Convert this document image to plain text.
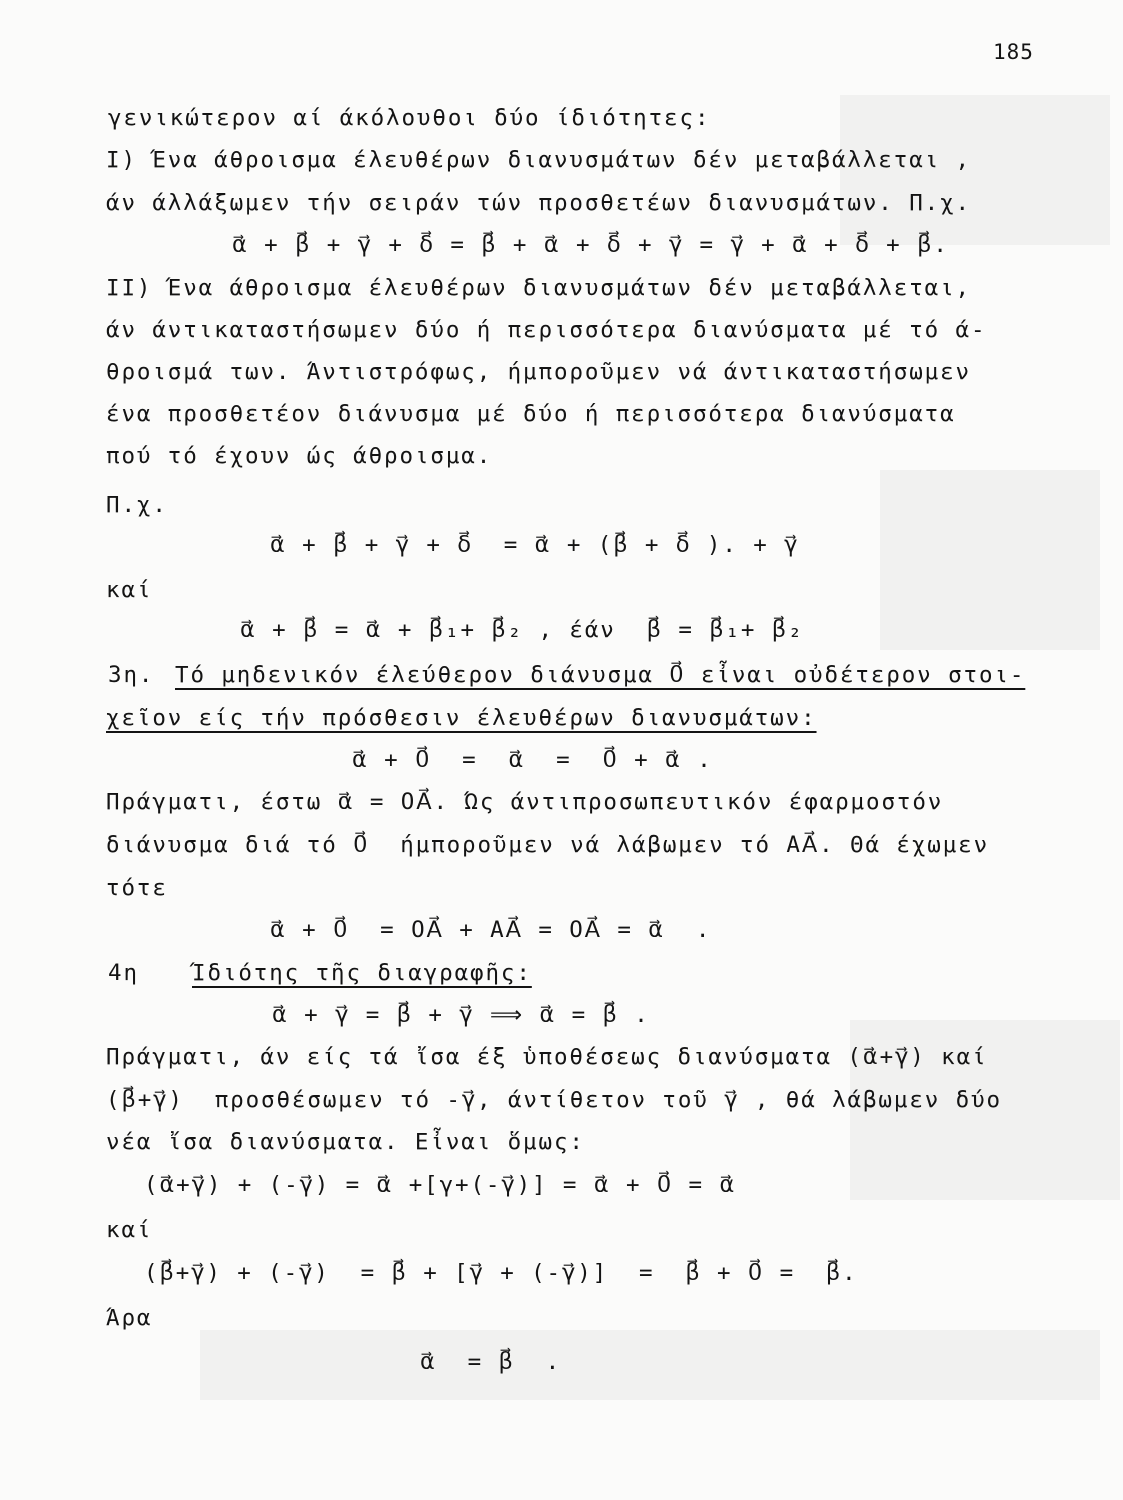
185
γενικώτερον αί άκόλουθοι δύο ίδιότητες:
Ι) Ένα άθροισμα έλευθέρων διανυσμάτων δέν μεταβάλλεται ,
άν άλλάξωμεν τήν σειράν τών προσθετέων διανυσμάτων. Π.χ.
α⃗ + β⃗ + γ⃗ + δ⃗ = β⃗ + α⃗ + δ⃗ + γ⃗ = γ⃗ + α⃗ + δ⃗ + β⃗.
ΙΙ) Ένα άθροισμα έλευθέρων διανυσμάτων δέν μεταβάλλεται,
άν άντικαταστήσωμεν δύο ή περισσότερα διανύσματα μέ τό ά-
θροισμά των. Άντιστρόφως, ήμποροῦμεν νά άντικαταστήσωμεν
ένα προσθετέον διάνυσμα μέ δύο ή περισσότερα διανύσματα
πού τό έχουν ώς άθροισμα.
Π.χ.
α⃗ + β⃗ + γ⃗ + δ⃗  = α⃗ + (β⃗ + δ⃗ ). + γ⃗
καί
α⃗ + β⃗ = α⃗ + β⃗₁+ β⃗₂ , έάν  β⃗ = β⃗₁+ β⃗₂
3η. Τό μηδενικόν έλεύθερον διάνυσμα 0⃗ εἶναι οὐδέτερον στοι-
χεῖον είς τήν πρόσθεσιν έλευθέρων διανυσμάτων:
α⃗ + 0⃗  =  α⃗  =  0⃗ + α⃗ .
Πράγματι, έστω α⃗ = OA⃗. Ώς άντιπροσωπευτικόν έφαρμοστόν
διάνυσμα διά τό 0⃗  ήμποροῦμεν νά λάβωμεν τό AA⃗. Θά έχωμεν
τότε
α⃗ + 0⃗  = OA⃗ + AA⃗ = OA⃗ = α⃗  .
4η Ίδιότης τῆς διαγραφῆς:
α⃗ + γ⃗ = β⃗ + γ⃗ ⟹ α⃗ = β⃗ .
Πράγματι, άν είς τά ἴσα έξ ὑποθέσεως διανύσματα (α⃗+γ⃗) καί
(β⃗+γ⃗)  προσθέσωμεν τό -γ⃗, άντίθετον τοῦ γ⃗ , θά λάβωμεν δύο
νέα ἴσα διανύσματα. Εἶναι ὅμως:
(α⃗+γ⃗) + (-γ⃗) = α⃗ +[γ+(-γ⃗)] = α⃗ + 0⃗ = α⃗
καί
(β⃗+γ⃗) + (-γ⃗)  = β⃗ + [γ⃗ + (-γ⃗)]  =  β⃗ + 0⃗ =  β⃗.
Άρα
α⃗  = β⃗  .
